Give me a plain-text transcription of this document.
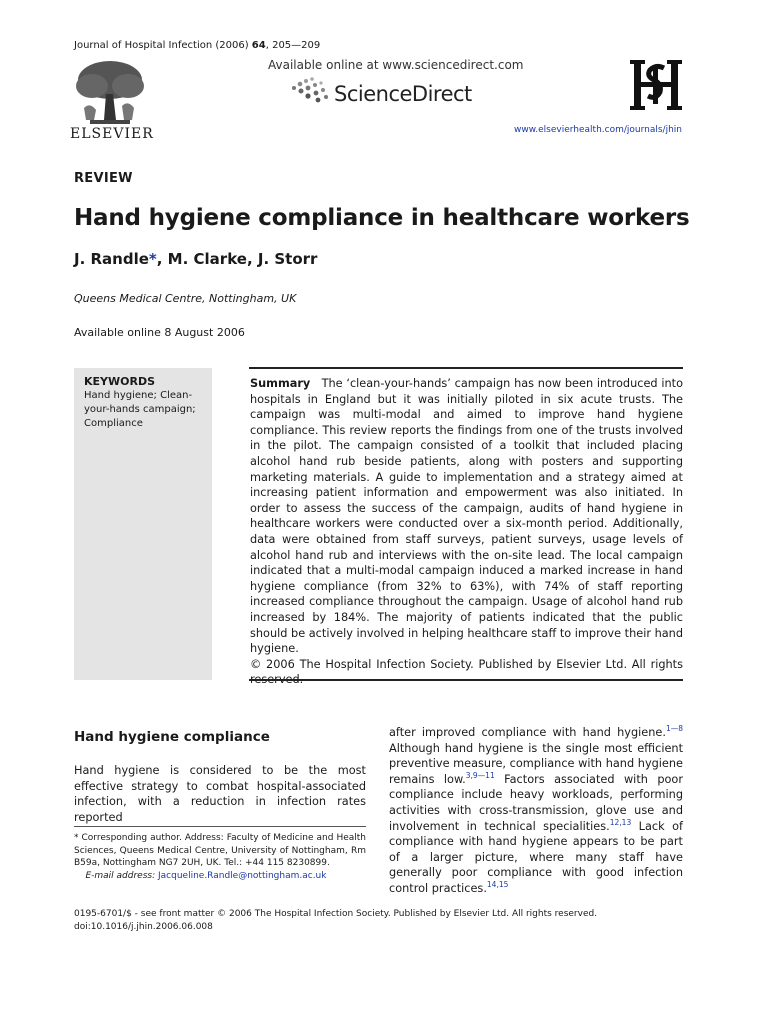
Journal of Hospital Infection (2006) 64, 205—209
ELSEVIER
Available online at www.sciencedirect.com
ScienceDirect
www.elsevierhealth.com/journals/jhin
REVIEW
Hand hygiene compliance in healthcare workers
J. Randle*, M. Clarke, J. Storr
Queens Medical Centre, Nottingham, UK
Available online 8 August 2006
KEYWORDS
Hand hygiene; Clean-your-hands campaign; Compliance
Summary The ‘clean-your-hands’ campaign has now been introduced into hospitals in England but it was initially piloted in six acute trusts. The campaign was multi-modal and aimed to improve hand hygiene compliance. This review reports the findings from one of the trusts involved in the pilot. The campaign consisted of a toolkit that included placing alcohol hand rub beside patients, along with posters and supporting marketing materials. A guide to implementation and a strategy aimed at increasing patient information and empowerment was also initiated. In order to assess the success of the campaign, audits of hand hygiene in healthcare workers were conducted over a six-month period. Additionally, data were obtained from staff surveys, patient surveys, usage levels of alcohol hand rub and interviews with the on-site lead. The local campaign indicated that a multi-modal campaign induced a marked increase in hand hygiene compliance (from 32% to 63%), with 74% of staff reporting increased compliance throughout the campaign. Usage of alcohol hand rub increased by 184%. The majority of patients indicated that the public should be actively involved in helping healthcare staff to improve their hand hygiene.
© 2006 The Hospital Infection Society. Published by Elsevier Ltd. All rights
Hand hygiene compliance
Hand hygiene is considered to be the most effective strategy to combat hospital-associated infection, with a reduction in infection rates reported
* Corresponding author. Address: Faculty of Medicine and Health Sciences, Queens Medical Centre, University of Nottingham, Rm B59a, Nottingham NG7 2UH, UK. Tel.: +44 115 8230899.
E-mail address: Jacqueline.Randle@nottingham.ac.uk
after improved compliance with hand hygiene.$^{1—8}$ Although hand hygiene is the single most efficient preventive measure, compliance with hand hygiene remains low.$^{3,9—11}$ Factors associated with poor compliance include heavy workloads, performing activities with cross-transmission, glove use and involvement in technical specialities.$^{12,13}$ Lack of compliance with hand hygiene appears to be part of a larger picture, where many staff have generally poor compliance with good infection control practices.$^{14,15}$
0195-6701/$ - see front matter © 2006 The Hospital Infection Society. Published by Elsevier Ltd. All rights reserved.
doi:10.1016/j.jhin.2006.06.008
